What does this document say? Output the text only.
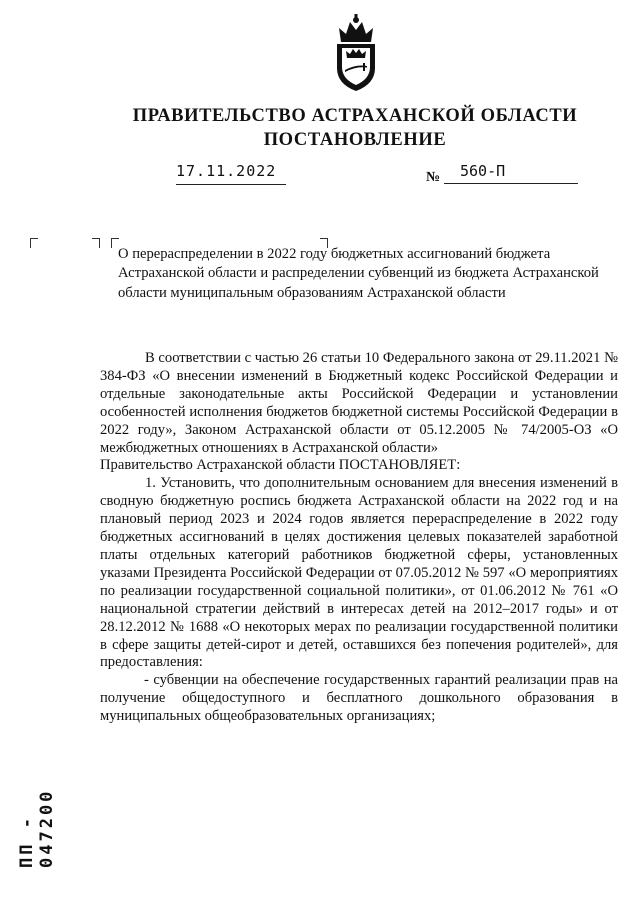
ПРАВИТЕЛЬСТВО АСТРАХАНСКОЙ ОБЛАСТИ
ПОСТАНОВЛЕНИЕ
17.11.2022	№	560-П
О перераспределении в 2022 году бюджетных ассигнований бюджета Астраханской области и распределении субвенций из бюджета Астраханской области муниципальным образованиям Астраханской области

В соответствии с частью 26 статьи 10 Федерального закона от 29.11.2021 № 384-ФЗ «О внесении изменений в Бюджетный кодекс Российской Федерации и отдельные законодательные акты Российской Федерации и установлении особенностей исполнения бюджетов бюджетной системы Российской Федерации в 2022 году», Законом Астраханской области от 05.12.2005 № 74/2005-ОЗ «О межбюджетных отношениях в Астраханской области»

Правительство Астраханской области ПОСТАНОВЛЯЕТ:

1. Установить, что дополнительным основанием для внесения изменений в сводную бюджетную роспись бюджета Астраханской области на 2022 год и на плановый период 2023 и 2024 годов является перераспределение в 2022 году бюджетных ассигнований в целях достижения целевых показателей заработной платы отдельных категорий работников бюджетной сферы, установленных указами Президента Российской Федерации от 07.05.2012 № 597 «О мероприятиях по реализации государственной социальной политики», от 01.06.2012 № 761 «О национальной стратегии действий в интересах детей на 2012–2017 годы» и от 28.12.2012 № 1688 «О некоторых мерах по реализации государственной политики в сфере защиты детей-сирот и детей, оставшихся без попечения родителей», для предоставления:

- субвенции на обеспечение государственных гарантий реализации прав на получение общедоступного и бесплатного дошкольного образования в муниципальных общеобразовательных организациях;

ПП - 047200
